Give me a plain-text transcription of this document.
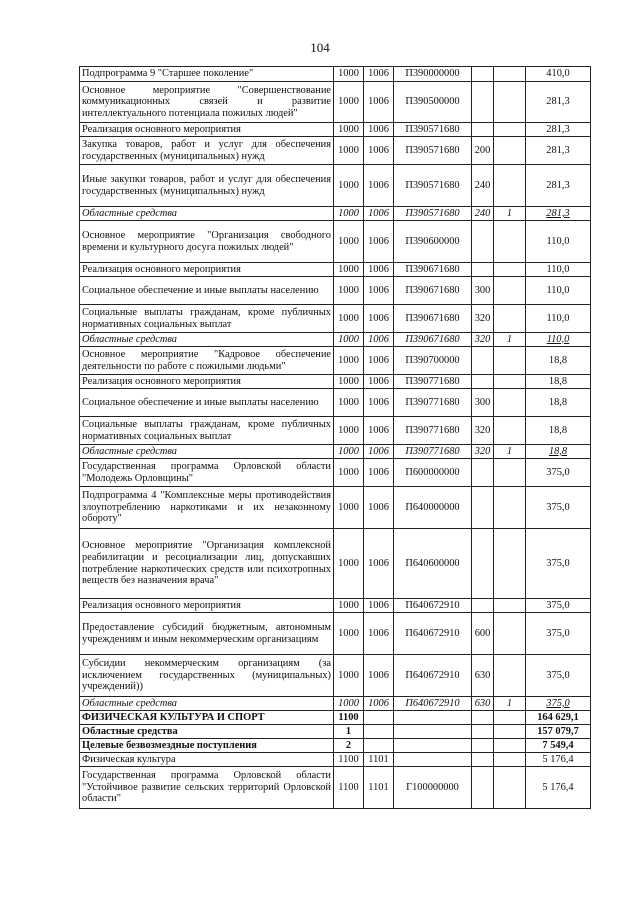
104
Подпрограмма 9 "Старшее поколение"	1000	1006	П390000000			410,0
Основное мероприятие "Совершенствование коммуникационных связей и развитие интеллектуального потенциала пожилых людей"	1000	1006	П390500000			281,3
Реализация основного мероприятия	1000	1006	П390571680			281,3
Закупка товаров, работ и услуг для обеспечения государственных (муниципальных) нужд	1000	1006	П390571680	200		281,3
Иные закупки товаров, работ и услуг для обеспечения государственных (муниципальных) нужд	1000	1006	П390571680	240		281,3
Областные средства	1000	1006	П390571680	240	1	281,3
Основное мероприятие "Организация свободного времени и культурного досуга пожилых людей"	1000	1006	П390600000			110,0
Реализация основного мероприятия	1000	1006	П390671680			110,0
Социальное обеспечение и иные выплаты населению	1000	1006	П390671680	300		110,0
Социальные выплаты гражданам, кроме публичных нормативных социальных выплат	1000	1006	П390671680	320		110,0
Областные средства	1000	1006	П390671680	320	1	110,0
Основное мероприятие "Кадровое обеспечение деятельности по работе с пожилыми людьми"	1000	1006	П390700000			18,8
Реализация основного мероприятия	1000	1006	П390771680			18,8
Социальное обеспечение и иные выплаты населению	1000	1006	П390771680	300		18,8
Социальные выплаты гражданам, кроме публичных нормативных социальных выплат	1000	1006	П390771680	320		18,8
Областные средства	1000	1006	П390771680	320	1	18,8
Государственная программа Орловской области "Молодежь Орловщины"	1000	1006	П600000000			375,0
Подпрограмма 4 "Комплексные меры противодействия злоупотреблению наркотиками и их незаконному обороту"	1000	1006	П640000000			375,0
Основное мероприятие "Организация комплексной реабилитации и ресоциализации лиц, допускавших потребление наркотических средств или психотропных веществ без назначения врача"	1000	1006	П640600000			375,0
Реализация основного мероприятия	1000	1006	П640672910			375,0
Предоставление субсидий бюджетным, автономным учреждениям и иным некоммерческим организациям	1000	1006	П640672910	600		375,0
Субсидии некоммерческим организациям (за исключением государственных (муниципальных) учреждений))	1000	1006	П640672910	630		375,0
Областные средства	1000	1006	П640672910	630	1	375,0
ФИЗИЧЕСКАЯ КУЛЬТУРА И СПОРТ	1100					164 629,1
Областные средства	1					157 079,7
Целевые безвозмездные поступления	2					7 549,4
Физическая культура	1100	1101				5 176,4
Государственная программа Орловской области "Устойчивое развитие сельских территорий Орловской области"	1100	1101	Г100000000			5 176,4
